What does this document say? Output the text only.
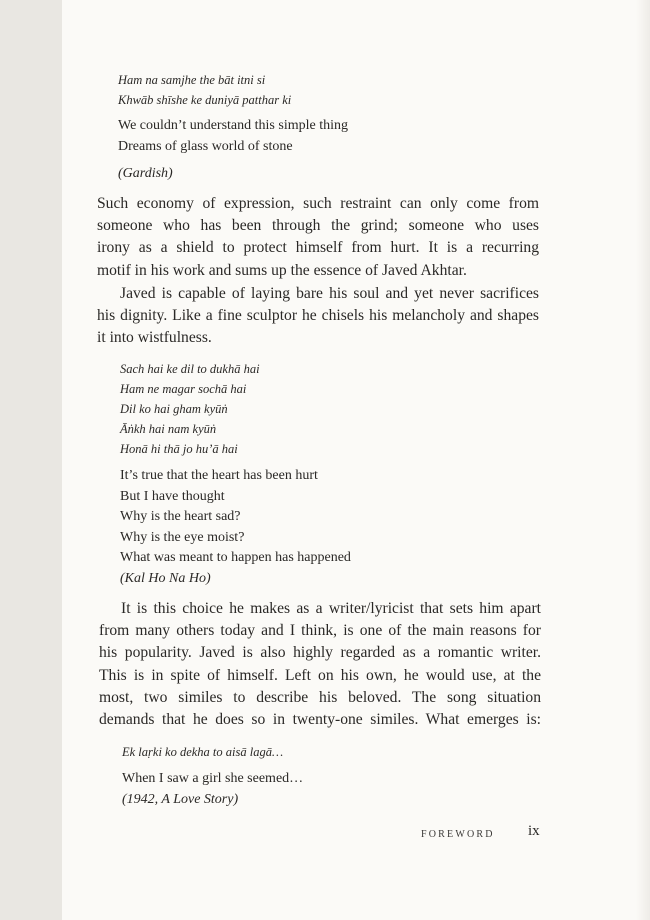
Ham na samjhe the bāt itni si
Khwāb shīshe ke duniyā patthar ki
We couldn’t understand this simple thing
Dreams of glass world of stone
(Gardish)
Such economy of expression, such restraint can only come from
someone who has been through the grind; someone who uses
irony as a shield to protect himself from hurt. It is a recurring
motif in his work and sums up the essence of Javed Akhtar.
Javed is capable of laying bare his soul and yet never sacrifices
his dignity. Like a fine sculptor he chisels his melancholy and shapes
it into wistfulness.
Sach hai ke dil to dukhā hai
Ham ne magar sochā hai
Dil ko hai gham kyūṅ
Āṅkh hai nam kyūṅ
Honā hi thā jo hu’ā hai
It’s true that the heart has been hurt
But I have thought
Why is the heart sad?
Why is the eye moist?
What was meant to happen has happened
(Kal Ho Na Ho)
It is this choice he makes as a writer/lyricist that sets him apart
from many others today and I think, is one of the main reasons for
his popularity. Javed is also highly regarded as a romantic writer.
This is in spite of himself. Left on his own, he would use, at the
most, two similes to describe his beloved. The song situation
demands that he does so in twenty-one similes. What emerges is:
Ek laṛki ko dekha to aisā lagā…
When I saw a girl she seemed…
(1942, A Love Story)
FOREWORD ix
